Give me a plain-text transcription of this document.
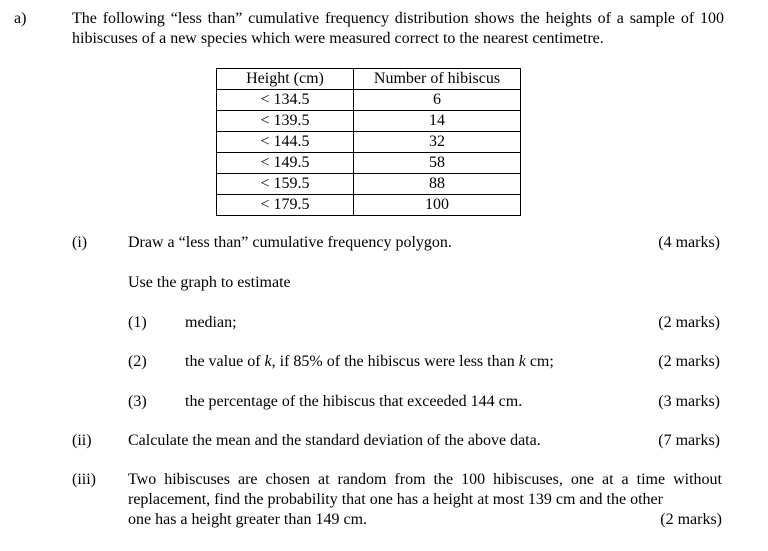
a)	The following “less than” cumulative frequency distribution shows the heights of a sample of 100 hibiscuses of a new species which were measured correct to the nearest centimetre.
Height (cm)	Number of hibiscus
< 134.5	6
< 139.5	14
< 144.5	32
< 149.5	58
< 159.5	88
< 179.5	100
(i)	Draw a “less than” cumulative frequency polygon.	(4 marks)
Use the graph to estimate
(1) median;	(2 marks)
(2) the value of k, if 85% of the hibiscus were less than k cm;	(2 marks)
(3) the percentage of the hibiscus that exceeded 144 cm.	(3 marks)
(ii) Calculate the mean and the standard deviation of the above data.	(7 marks)
(iii) Two hibiscuses are chosen at random from the 100 hibiscuses, one at a time without replacement, find the probability that one has a height at most 139 cm and the other
one has a height greater than 149 cm.	(2 marks)
